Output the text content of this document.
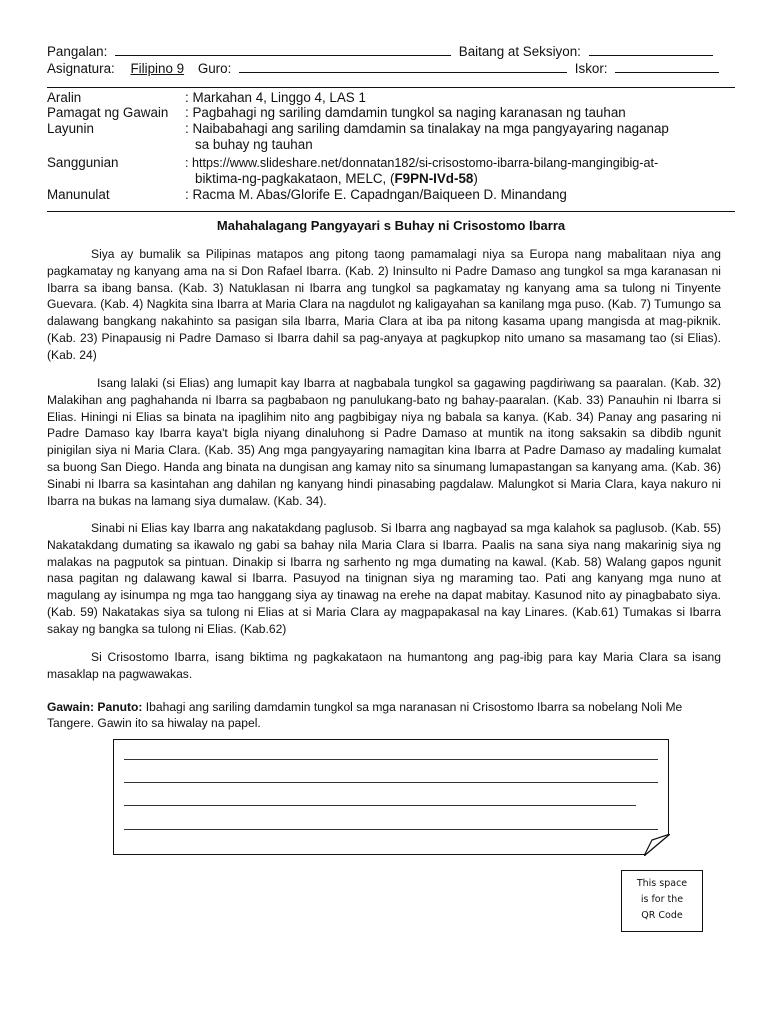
Pangalan:	Baitang at Seksiyon:
Asignatura: Filipino 9 Guro:	Iskor:
Aralin	: Markahan 4, Linggo 4, LAS 1
Pamagat ng Gawain	: Pagbahagi ng sariling damdamin tungkol sa naging karanasan ng tauhan
Layunin	: Naibabahagi ang sariling damdamin sa tinalakay na mga pangyayaring naganap
sa buhay ng tauhan
Sanggunian	: https://www.slideshare.net/donnatan182/si-crisostomo-ibarra-bilang-mangingibig-at-
biktima-ng-pagkakataon, MELC, (F9PN-IVd-58)
Manunulat	: Racma M. Abas/Glorife E. Capadngan/Baiqueen D. Minandang
Mahahalagang Pangyayari s Buhay ni Crisostomo Ibarra

Siya ay bumalik sa Pilipinas matapos ang pitong taong pamamalagi niya sa Europa nang mabalitaan niya ang pagkamatay ng kanyang ama na si Don Rafael Ibarra. (Kab. 2) Ininsulto ni Padre Damaso ang tungkol sa mga karanasan ni Ibarra sa ibang bansa. (Kab. 3) Natuklasan ni Ibarra ang tungkol sa pagkamatay ng kanyang ama sa tulong ni Tinyente Guevara. (Kab. 4) Nagkita sina Ibarra at Maria Clara na nagdulot ng kaligayahan sa kanilang mga puso. (Kab. 7) Tumungo sa dalawang bangkang nakahinto sa pasigan sila Ibarra, Maria Clara at iba pa nitong kasama upang mangisda at mag-piknik. (Kab. 23) Pinapausig ni Padre Damaso si Ibarra dahil sa pag-anyaya at pagkupkop nito umano sa masamang tao (si Elias). (Kab. 24)

Isang lalaki (si Elias) ang lumapit kay Ibarra at nagbabala tungkol sa gagawing pagdiriwang sa paaralan. (Kab. 32) Malakihan ang paghahanda ni Ibarra sa pagbabaon ng panulukang-bato ng bahay-paaralan. (Kab. 33) Panauhin ni Ibarra si Elias. Hiningi ni Elias sa binata na ipaglihim nito ang pagbibigay niya ng babala sa kanya. (Kab. 34) Panay ang pasaring ni Padre Damaso kay Ibarra kaya't bigla niyang dinaluhong si Padre Damaso at muntik na itong saksakin sa dibdib ngunit pinigilan siya ni Maria Clara. (Kab. 35) Ang mga pangyayaring namagitan kina Ibarra at Padre Damaso ay madaling kumalat sa buong San Diego. Handa ang binata na dungisan ang kamay nito sa sinumang lumapastangan sa kanyang ama. (Kab. 36) Sinabi ni Ibarra sa kasintahan ang dahilan ng kanyang hindi pinasabing pagdalaw. Malungkot si Maria Clara, kaya nakuro ni Ibarra na bukas na lamang siya dumalaw. (Kab. 34).

Sinabi ni Elias kay Ibarra ang nakatakdang paglusob. Si Ibarra ang nagbayad sa mga kalahok sa paglusob. (Kab. 55) Nakatakdang dumating sa ikawalo ng gabi sa bahay nila Maria Clara si Ibarra. Paalis na sana siya nang makarinig siya ng malakas na pagputok sa pintuan. Dinakip si Ibarra ng sarhento ng mga dumating na kawal. (Kab. 58) Walang gapos ngunit nasa pagitan ng dalawang kawal si Ibarra. Pasuyod na tinignan siya ng maraming tao. Pati ang kanyang mga nuno at magulang ay isinumpa ng mga tao hanggang siya ay tinawag na erehe na dapat mabitay. Kasunod nito ay pinagbabato siya. (Kab. 59) Nakatakas siya sa tulong ni Elias at si Maria Clara ay magpapakasal na kay Linares. (Kab.61) Tumakas si Ibarra sakay ng bangka sa tulong ni Elias. (Kab.62)

Si Crisostomo Ibarra, isang biktima ng pagkakataon na humantong ang pag-ibig para kay Maria Clara sa isang masaklap na pagwawakas.

Gawain: Panuto: Ibahagi ang sariling damdamin tungkol sa mga naranasan ni Crisostomo Ibarra sa nobelang Noli Me Tangere. Gawin ito sa hiwalay na papel.

This space
is for the
QR Code
